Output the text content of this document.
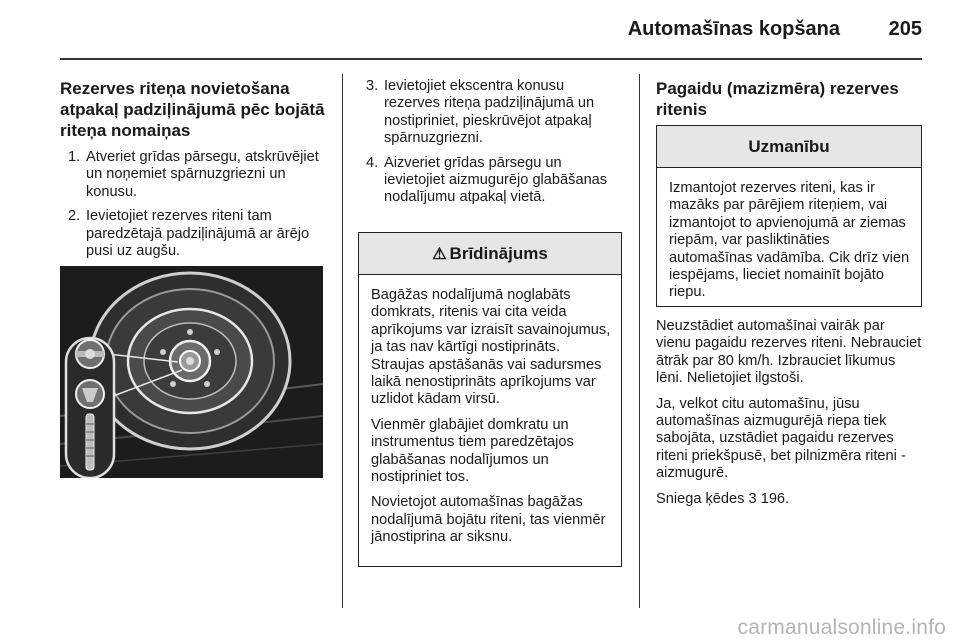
Automašīnas kopšana 205
Rezerves riteņa novietošana atpakaļ padziļinājumā pēc bojātā riteņa nomaiņas
1. Atveriet grīdas pārsegu, atskrūvējiet un noņemiet spārnuzgriezni un konusu.
2. Ievietojiet rezerves riteni tam paredzētajā padziļinājumā ar ārējo pusi uz augšu.
3. Ievietojiet ekscentra konusu rezerves riteņa padziļinājumā un nostipriniet, pieskrūvējot atpakaļ spārnuzgriezni.
4. Aizveriet grīdas pārsegu un ievietojiet aizmugurējo glabāšanas nodalījumu atpakaļ vietā.
⚠ Brīdinājums

Bagāžas nodalījumā noglabāts domkrats, ritenis vai cita veida aprīkojums var izraisīt savainojumus, ja tas nav kārtīgi nostiprināts. Straujas apstāšanās vai sadursmes laikā nenostiprināts aprīkojums var uzlidot kādam virsū.

Vienmēr glabājiet domkratu un instrumentus tiem paredzētajos glabāšanas nodalījumos un nostipriniet tos.

Novietojot automašīnas bagāžas nodalījumā bojātu riteni, tas vienmēr jānostiprina ar siksnu.

Pagaidu (mazizmēra) rezerves ritenis
Uzmanību

Izmantojot rezerves riteni, kas ir mazāks par pārējiem riteņiem, vai izmantojot to apvienojumā ar ziemas riepām, var pasliktināties automašīnas vadāmība. Cik drīz vien iespējams, lieciet nomainīt bojāto riepu.

Neuzstādiet automašīnai vairāk par vienu pagaidu rezerves riteni. Nebrauciet ātrāk par 80 km/h. Izbrauciet līkumus lēni. Nelietojiet ilgstoši.

Ja, velkot citu automašīnu, jūsu automašīnas aizmugurējā riepa tiek sabojāta, uzstādiet pagaidu rezerves riteni priekšpusē, bet pilnizmēra riteni - aizmugurē.

Sniega ķēdes 3 196.

carmanualsonline.info
